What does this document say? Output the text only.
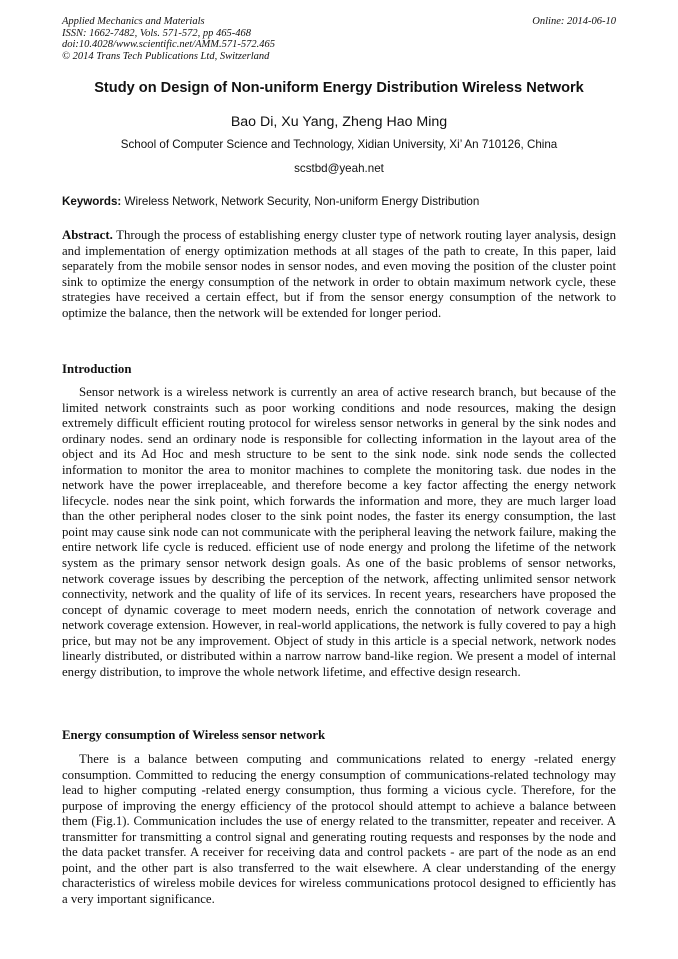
Applied Mechanics and Materials
ISSN: 1662-7482, Vols. 571-572, pp 465-468
doi:10.4028/www.scientific.net/AMM.571-572.465
© 2014 Trans Tech Publications Ltd, Switzerland
Online: 2014-06-10
Study on Design of Non-uniform Energy Distribution Wireless Network
Bao Di, Xu Yang, Zheng Hao Ming
School of Computer Science and Technology, Xidian University, Xi’ An 710126, China
scstbd@yeah.net
Keywords: Wireless Network, Network Security, Non-uniform Energy Distribution

Abstract. Through the process of establishing energy cluster type of network routing layer analysis, design and implementation of energy optimization methods at all stages of the path to create, In this paper, laid separately from the mobile sensor nodes in sensor nodes, and even moving the position of the cluster point sink to optimize the energy consumption of the network in order to obtain maximum network cycle, these strategies have received a certain effect, but if from the sensor energy consumption of the network to optimize the balance, then the network will be extended for longer period.

Introduction

Sensor network is a wireless network is currently an area of active research branch, but because of the limited network constraints such as poor working conditions and node resources, making the design extremely difficult efficient routing protocol for wireless sensor networks in general by the sink nodes and ordinary nodes. send an ordinary node is responsible for collecting information in the layout area of the object and its Ad Hoc and mesh structure to be sent to the sink node. sink node sends the collected information to monitor the area to monitor machines to complete the monitoring task. due nodes in the network have the power irreplaceable, and therefore become a key factor affecting the energy network lifecycle. nodes near the sink point, which forwards the information and more, they are much larger load than the other peripheral nodes closer to the sink point nodes, the faster its energy consumption, the last point may cause sink node can not communicate with the peripheral leaving the network failure, making the entire network life cycle is reduced. efficient use of node energy and prolong the lifetime of the network system as the primary sensor network design goals. As one of the basic problems of sensor networks, network coverage issues by describing the perception of the network, affecting unlimited sensor network connectivity, network and the quality of life of its services. In recent years, researchers have proposed the concept of dynamic coverage to meet modern needs, enrich the connotation of network coverage and network coverage extension. However, in real-world applications, the network is fully covered to pay a high price, but may not be any improvement. Object of study in this article is a special network, network nodes linearly distributed, or distributed within a narrow narrow band-like region. We present a model of internal energy distribution, to improve the whole network lifetime, and effective design research.

Energy consumption of Wireless sensor network

There is a balance between computing and communications related to energy -related energy consumption. Committed to reducing the energy consumption of communications-related technology may lead to higher computing -related energy consumption, thus forming a vicious cycle. Therefore, for the purpose of improving the energy efficiency of the protocol should attempt to achieve a balance between them (Fig.1). Communication includes the use of energy related to the transmitter, repeater and receiver. A transmitter for transmitting a control signal and generating routing requests and responses by the node and the data packet transfer. A receiver for receiving data and control packets - are part of the node as an end point, and the other part is also transferred to the wait elsewhere. A clear understanding of the energy characteristics of wireless mobile devices for wireless communications protocol designed to efficiently has a very important significance.
